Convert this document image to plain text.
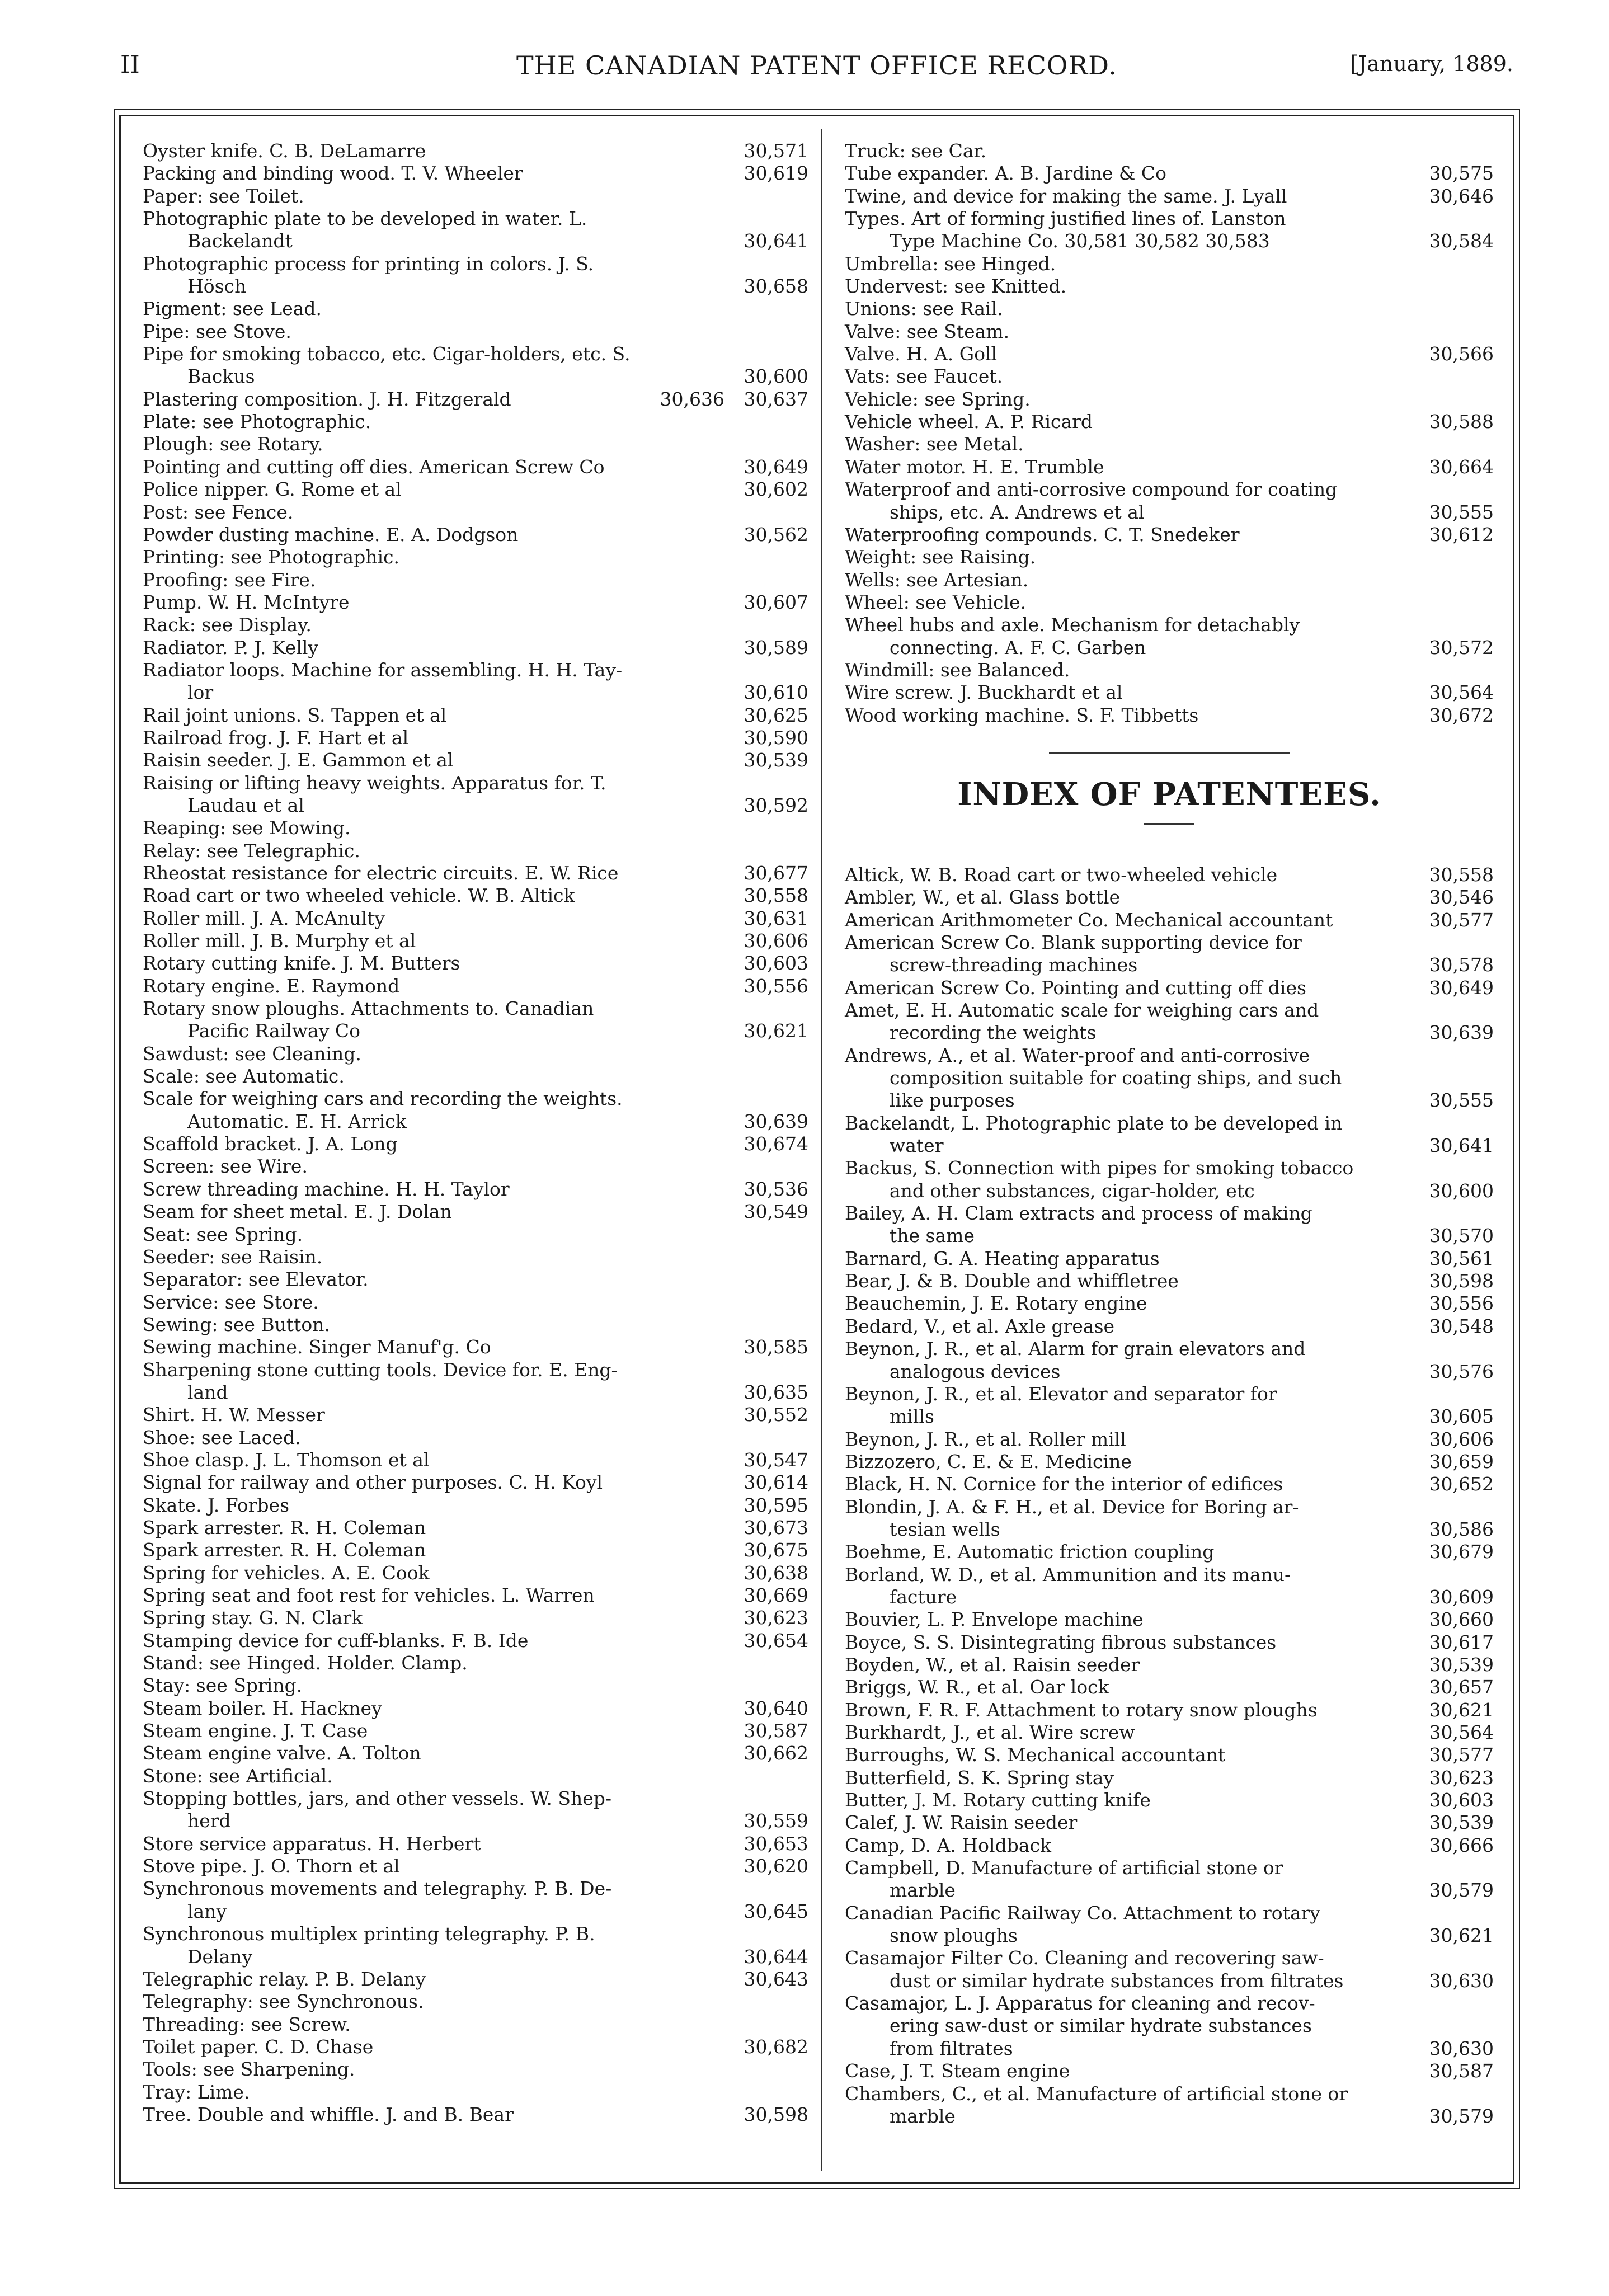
II	THE CANADIAN PATENT OFFICE RECORD.	[January, 1889.
Oyster knife. C. B. DeLamarre	30,571
Packing and binding wood. T. V. Wheeler	30,619
Paper: see Toilet.
Photographic plate to be developed in water. L.
Backelandt	30,641
Photographic process for printing in colors. J. S.
Hösch	30,658
Pigment: see Lead.
Pipe: see Stove.
Pipe for smoking tobacco, etc. Cigar-holders, etc. S.
Backus	30,600
Plastering composition. J. H. Fitzgerald	30,636	30,637
Plate: see Photographic.
Plough: see Rotary.
Pointing and cutting off dies. American Screw Co	30,649
Police nipper. G. Rome et al	30,602
Post: see Fence.
Powder dusting machine. E. A. Dodgson	30,562
Printing: see Photographic.
Proofing: see Fire.
Pump. W. H. McIntyre	30,607
Rack: see Display.
Radiator. P. J. Kelly	30,589
Radiator loops. Machine for assembling. H. H. Tay-
lor	30,610
Rail joint unions. S. Tappen et al	30,625
Railroad frog. J. F. Hart et al	30,590
Raisin seeder. J. E. Gammon et al	30,539
Raising or lifting heavy weights. Apparatus for. T.
Laudau et al	30,592
Reaping: see Mowing.
Relay: see Telegraphic.
Rheostat resistance for electric circuits. E. W. Rice	30,677
Road cart or two wheeled vehicle. W. B. Altick	30,558
Roller mill. J. A. McAnulty	30,631
Roller mill. J. B. Murphy et al	30,606
Rotary cutting knife. J. M. Butters	30,603
Rotary engine. E. Raymond	30,556
Rotary snow ploughs. Attachments to. Canadian
Pacific Railway Co	30,621
Sawdust: see Cleaning.
Scale: see Automatic.
Scale for weighing cars and recording the weights.
Automatic. E. H. Arrick	30,639
Scaffold bracket. J. A. Long	30,674
Screen: see Wire.
Screw threading machine. H. H. Taylor	30,536
Seam for sheet metal. E. J. Dolan	30,549
Seat: see Spring.
Seeder: see Raisin.
Separator: see Elevator.
Service: see Store.
Sewing: see Button.
Sewing machine. Singer Manuf'g. Co	30,585
Sharpening stone cutting tools. Device for. E. Eng-
land	30,635
Shirt. H. W. Messer	30,552
Shoe: see Laced.
Shoe clasp. J. L. Thomson et al	30,547
Signal for railway and other purposes. C. H. Koyl	30,614
Skate. J. Forbes	30,595
Spark arrester. R. H. Coleman	30,673
Spark arrester. R. H. Coleman	30,675
Spring for vehicles. A. E. Cook	30,638
Spring seat and foot rest for vehicles. L. Warren	30,669
Spring stay. G. N. Clark	30,623
Stamping device for cuff-blanks. F. B. Ide	30,654
Stand: see Hinged. Holder. Clamp.
Stay: see Spring.
Steam boiler. H. Hackney	30,640
Steam engine. J. T. Case	30,587
Steam engine valve. A. Tolton	30,662
Stone: see Artificial.
Stopping bottles, jars, and other vessels. W. Shep-
herd	30,559
Store service apparatus. H. Herbert	30,653
Stove pipe. J. O. Thorn et al	30,620
Synchronous movements and telegraphy. P. B. De-
lany	30,645
Synchronous multiplex printing telegraphy. P. B.
Delany	30,644
Telegraphic relay. P. B. Delany	30,643
Telegraphy: see Synchronous.
Threading: see Screw.
Toilet paper. C. D. Chase	30,682
Tools: see Sharpening.
Tray: Lime.
Tree. Double and whiffle. J. and B. Bear	30,598
Truck: see Car.
Tube expander. A. B. Jardine & Co	30,575
Twine, and device for making the same. J. Lyall	30,646
Types. Art of forming justified lines of. Lanston
Type Machine Co. 30,581 30,582 30,583	30,584
Umbrella: see Hinged.
Undervest: see Knitted.
Unions: see Rail.
Valve: see Steam.
Valve. H. A. Goll	30,566
Vats: see Faucet.
Vehicle: see Spring.
Vehicle wheel. A. P. Ricard	30,588
Washer: see Metal.
Water motor. H. E. Trumble	30,664
Waterproof and anti-corrosive compound for coating
ships, etc. A. Andrews et al	30,555
Waterproofing compounds. C. T. Snedeker	30,612
Weight: see Raising.
Wells: see Artesian.
Wheel: see Vehicle.
Wheel hubs and axle. Mechanism for detachably
connecting. A. F. C. Garben	30,572
Windmill: see Balanced.
Wire screw. J. Buckhardt et al	30,564
Wood working machine. S. F. Tibbetts	30,672
INDEX OF PATENTEES.
Altick, W. B. Road cart or two-wheeled vehicle	30,558
Ambler, W., et al. Glass bottle	30,546
American Arithmometer Co. Mechanical accountant	30,577
American Screw Co. Blank supporting device for
screw-threading machines	30,578
American Screw Co. Pointing and cutting off dies	30,649
Amet, E. H. Automatic scale for weighing cars and
recording the weights	30,639
Andrews, A., et al. Water-proof and anti-corrosive
composition suitable for coating ships, and such
like purposes	30,555
Backelandt, L. Photographic plate to be developed in
water	30,641
Backus, S. Connection with pipes for smoking tobacco
and other substances, cigar-holder, etc	30,600
Bailey, A. H. Clam extracts and process of making
the same	30,570
Barnard, G. A. Heating apparatus	30,561
Bear, J. & B. Double and whiffletree	30,598
Beauchemin, J. E. Rotary engine	30,556
Bedard, V., et al. Axle grease	30,548
Beynon, J. R., et al. Alarm for grain elevators and
analogous devices	30,576
Beynon, J. R., et al. Elevator and separator for
mills	30,605
Beynon, J. R., et al. Roller mill	30,606
Bizzozero, C. E. & E. Medicine	30,659
Black, H. N. Cornice for the interior of edifices	30,652
Blondin, J. A. & F. H., et al. Device for Boring ar-
tesian wells	30,586
Boehme, E. Automatic friction coupling	30,679
Borland, W. D., et al. Ammunition and its manu-
facture	30,609
Bouvier, L. P. Envelope machine	30,660
Boyce, S. S. Disintegrating fibrous substances	30,617
Boyden, W., et al. Raisin seeder	30,539
Briggs, W. R., et al. Oar lock	30,657
Brown, F. R. F. Attachment to rotary snow ploughs	30,621
Burkhardt, J., et al. Wire screw	30,564
Burroughs, W. S. Mechanical accountant	30,577
Butterfield, S. K. Spring stay	30,623
Butter, J. M. Rotary cutting knife	30,603
Calef, J. W. Raisin seeder	30,539
Camp, D. A. Holdback	30,666
Campbell, D. Manufacture of artificial stone or
marble	30,579
Canadian Pacific Railway Co. Attachment to rotary
snow ploughs	30,621
Casamajor Filter Co. Cleaning and recovering saw-
dust or similar hydrate substances from filtrates	30,630
Casamajor, L. J. Apparatus for cleaning and recov-
ering saw-dust or similar hydrate substances
from filtrates	30,630
Case, J. T. Steam engine	30,587
Chambers, C., et al. Manufacture of artificial stone or
marble	30,579
